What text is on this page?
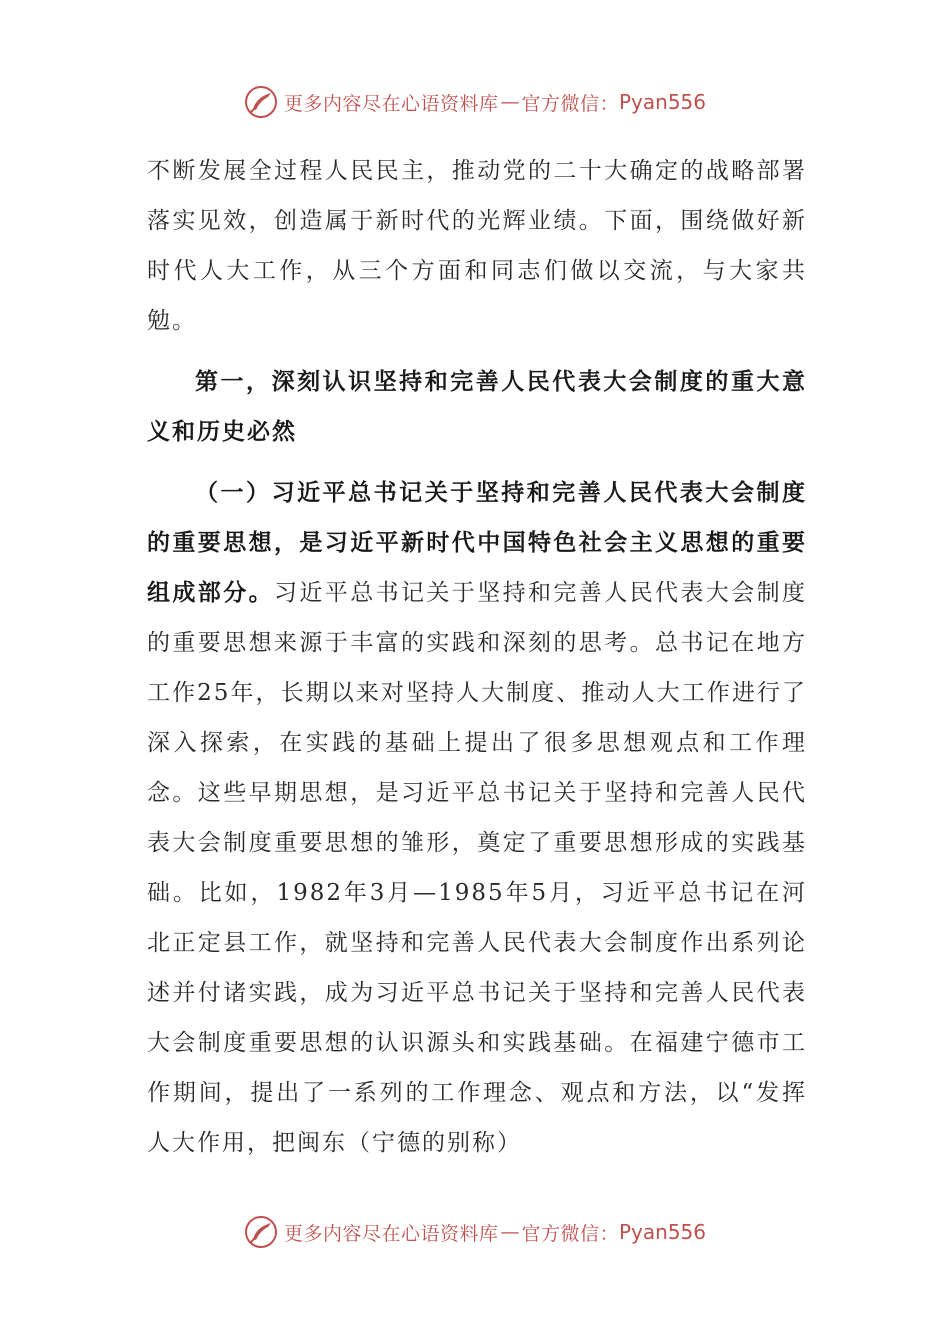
更多内容尽在心语资料库 — 官方微信： Pyan556

不断发展全过程人民民主，推动党的二十大确定的战略部署落实见效，创造属于新时代的光辉业绩。下面，围绕做好新时代人大工作，从三个方面和同志们做以交流，与大家共勉。

第一，深刻认识坚持和完善人民代表大会制度的重大意义和历史必然

（一）习近平总书记关于坚持和完善人民代表大会制度的重要思想，是习近平新时代中国特色社会主义思想的重要组成部分。习近平总书记关于坚持和完善人民代表大会制度的重要思想来源于丰富的实践和深刻的思考。总书记在地方工作25年，长期以来对坚持人大制度、推动人大工作进行了深入探索，在实践的基础上提出了很多思想观点和工作理念。这些早期思想，是习近平总书记关于坚持和完善人民代表大会制度重要思想的雏形，奠定了重要思想形成的实践基础。比如，1982年3月—1985年5月，习近平总书记在河北正定县工作，就坚持和完善人民代表大会制度作出系列论述并付诸实践，成为习近平总书记关于坚持和完善人民代表大会制度重要思想的认识源头和实践基础。在福建宁德市工作期间，提出了一系列的工作理念、观点和方法，以“发挥人大作用，把闽东（宁德的别称）

更多内容尽在心语资料库 — 官方微信： Pyan556
